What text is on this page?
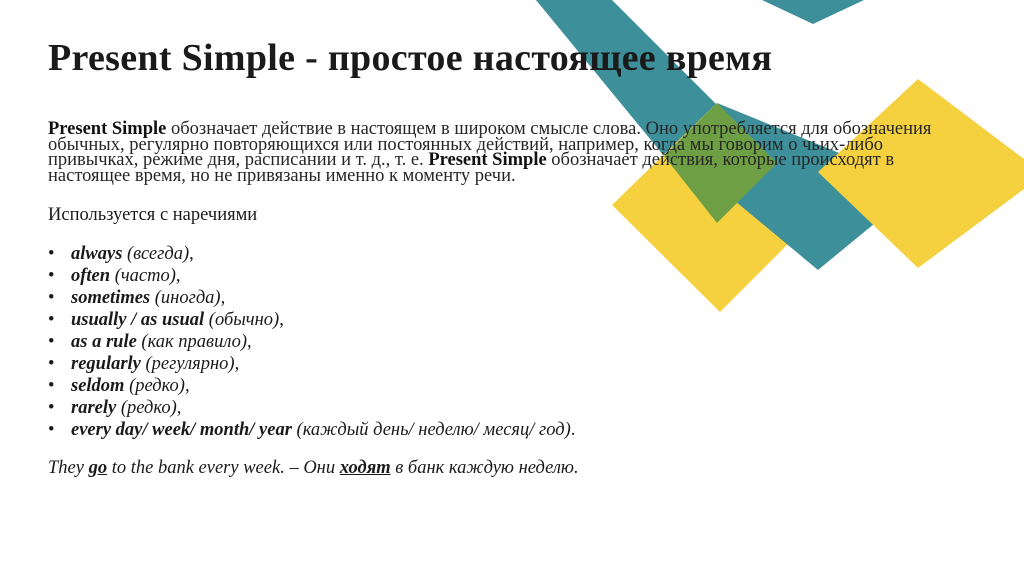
Present Simple - простое настоящее время

Present Simple обозначает действие в настоящем в широком смысле слова. Оно употребляется для обозначения обычных, регулярно повторяющихся или постоянных действий, например, когда мы говорим о чьих-либо привычках, режиме дня, расписании и т. д., т. е. Present Simple обозначает действия, которые происходят в настоящее время, но не привязаны именно к моменту речи.

Используется с наречиями

• always (всегда),
• often (часто),
• sometimes (иногда),
• usually / as usual (обычно),
• as a rule (как правило),
• regularly (регулярно),
• seldom (редко),
• rarely (редко),
• every day/ week/ month/ year (каждый день/ неделю/ месяц/ год).

They go to the bank every week. – Они ходят в банк каждую неделю.
